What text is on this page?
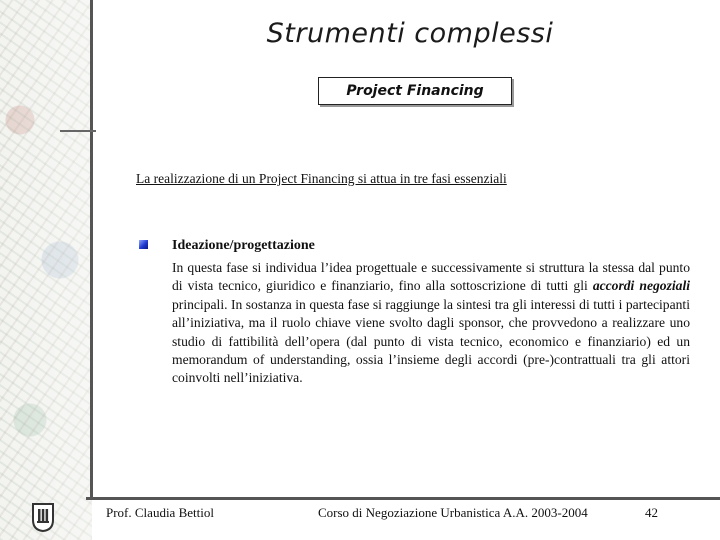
Strumenti complessi
Project Financing
La realizzazione di un Project Financing si attua in tre fasi essenziali
Ideazione/progettazione
In questa fase si individua l’idea progettuale e successivamente si struttura la stessa dal punto di vista tecnico, giuridico e finanziario, fino alla sottoscrizione di tutti gli accordi negoziali principali. In sostanza in questa fase si raggiunge la sintesi tra gli interessi di tutti i partecipanti all’iniziativa, ma il ruolo chiave viene svolto dagli sponsor, che provvedono a realizzare uno studio di fattibilità dell’opera (dal punto di vista tecnico, economico e finanziario) ed un memorandum of understanding, ossia l’insieme degli accordi (pre-)contrattuali tra gli attori coinvolti nell’iniziativa.
Prof. Claudia Bettiol	Corso di Negoziazione Urbanistica A.A. 2003-2004	42
